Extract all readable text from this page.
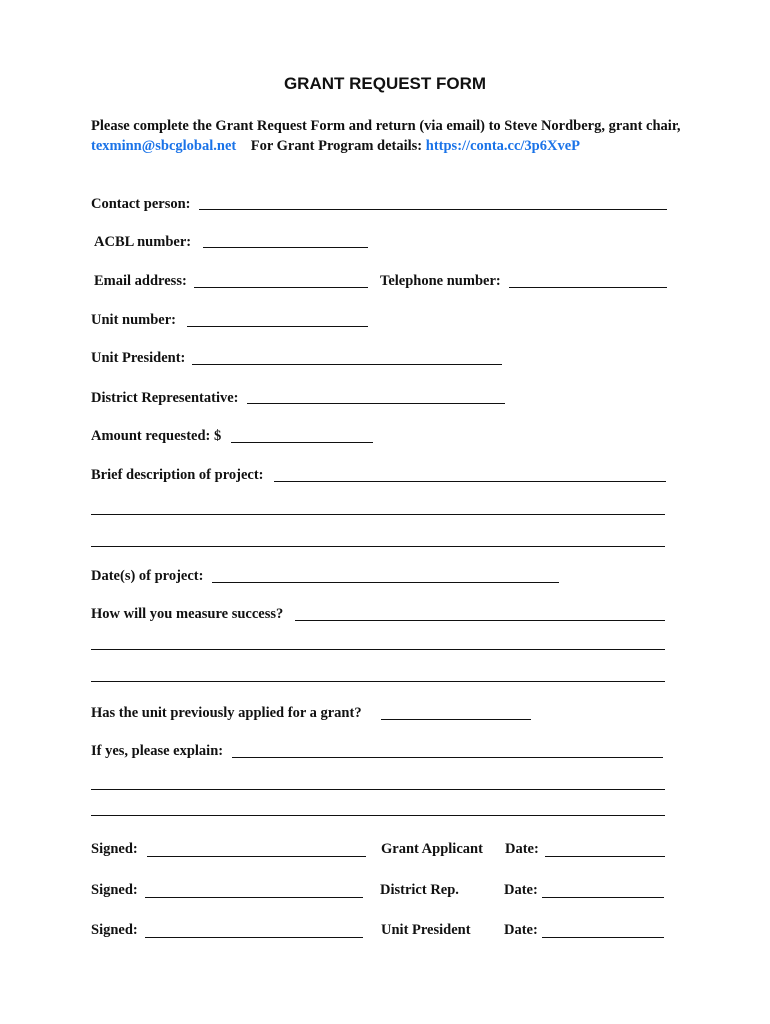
GRANT REQUEST FORM
Please complete the Grant Request Form and return (via email) to Steve Nordberg, grant chair, texminn@sbcglobal.net For Grant Program details: https://conta.cc/3p6XveP
Contact person:
ACBL number:
Email address:	Telephone number:
Unit number:
Unit President:
District Representative:
Amount requested: $
Brief description of project:
Date(s) of project:
How will you measure success?
Has the unit previously applied for a grant?
If yes, please explain:
Signed:	Grant Applicant Date:
Signed:	District Rep.	Date:
Signed:	Unit President Date:
